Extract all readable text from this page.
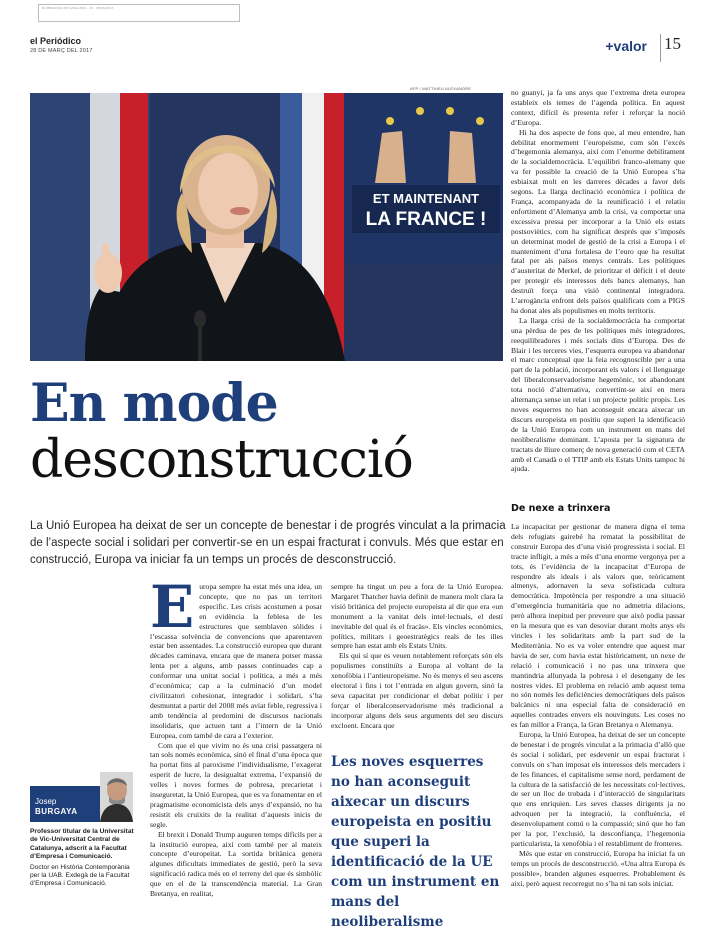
EL PERIÓDICO DE CATALUNYA · 15 · 28/03/2017
el Periódico
28 DE MARÇ DEL 2017	+valor 15
AFP / MATTHIEU ALEXANDRE
ET MAINTENANT
LA FRANCE !
En mode
desconstrucció
La Unió Europea ha deixat de ser un concepte de benestar i de progrés vinculat a la primacia de l’aspecte social i solidari per convertir-se en un espai fracturat i convuls. Més que estar en construcció, Europa va iniciar fa un temps un procés de desconstrucció.
E uropa sempre ha estat més una idea, un concepte, que no pas un territori específic. Les crisis acostumen a posar en evidència la feblesa de les estructures que semblaven sòlides i l’escassa solvència de convencions que aparentaven estar ben assentades. La construcció europea que durant dècades caminava, encara que de manera potser massa lenta per a alguns, amb passes continuades cap a conformar una unitat social i política, a més a més d’econòmica; cap a la culminació d’un model civilitzatori cohesionat, integrador i solidari, s’ha desmuntat a partir del 2008 més aviat feble, regressiva i amb tendència al predomini de discursos nacionals insolidaris, que actuen tant a l’intern de la Unió Europea, com també de cara a l’exterior.

Com que el que vivim no és una crisi passatgera ni tan sols només econòmica, sinó el final d’una època que ha portat fins al paroxisme l’individualisme, l’exagerat esperit de lucre, la desigualtat extrema, l’expansió de velles i noves formes de pobresa, precarietat i inseguretat, la Unió Europea, que es va fonamentar en el pragmatisme economicista dels anys d’expansió, no ha resistit els cruixits de la realitat d’aquests inicis de segle.

El brexit i Donald Trump auguren temps difícils per a la institució europea, així com també per al mateix concepte d’europeitat. La sortida britànica genera algunes dificultats immediates de gestió, però la seva significació radica més en el terreny del que és simbòlic que en el de la transcendència material. La Gran Bretanya, en realitat,

sempre ha tingut un peu a fora de la Unió Europea. Margaret Thatcher havia definit de manera molt clara la visió britànica del projecte europeista al dir que era «un monument a la vanitat dels intel·lectuals, el destí inevitable del qual és el fracàs». Els vincles econòmics, polítics, militars i geoestratègics reals de les illes sempre han estat amb els Estats Units.

Els qui sí que es veuen notablement reforçats són els populismes constituïts a Europa al voltant de la xenofòbia i l’antieuropeisme. No és menys el seu ascens electoral i fins i tot l’entrada en algun govern, sinó la seva capacitat per condicionar el debat polític i per forçar el liberalconservadorisme més tradicional a incorporar alguns dels seus arguments del seu discurs excloent. Encara que

Les noves esquerres no han aconseguit aixecar un discurs europeista en positiu que superi la identificació de la UE com un instrument en mans del neoliberalisme

no guanyi, ja fa uns anys que l’extrema dreta europea estableix els temes de l’agenda política. En aquest context, difícil és presenta refer i reforçar la noció d’Europa.

Hi ha dos aspecte de fons que, al meu entendre, han debilitat enormement l’europeisme, com són l’excés d’hegemonia alemanya, així com l’enorme debilitament de la socialdemocràcia. L’equilibri franco-alemany que va fer possible la creació de la Unió Europea s’ha esbiaixat molt en les darreres dècades a favor dels segons. La llarga declinació econòmica i política de França, acompanyada de la reunificació i el relatiu enfortiment d’Alemanya amb la crisi, va comportar una excessiva pressa per incorporar a la Unió els estats postsoviètics, com ha significat després que s’imposés un determinat model de gestió de la crisi a Europa i el manteniment d’una fortalesa de l’euro que ha resultat fatal per als països menys centrals. Les polítiques d’austeritat de Merkel, de prioritzar el dèficit i el deute per protegir els interessos dels bancs alemanys, han destruït força una visió continental integradora. L’arrogància enfront dels països qualificats com a PIGS ha donat ales als populismes en molts territoris.

La llarga crisi de la socialdemocràcia ha comportat una pèrdua de pes de les polítiques més integradores, reequilibradores i més socials dins d’Europa. Des de Blair i les terceres vies, l’esquerra europea va abandonar el marc conceptual que la feia recognoscible per a una part de la població, incorporant els valors i el llenguatge del liberalconservadorisme hegemònic, tot abandonant tota noció d’alternativa, convertint-se així en mera alternança sense un relat i un projecte polític propis. Les noves esquerres no han aconseguit encara aixecar un discurs europeista en positiu que superi la identificació de la Unió Europea com un instrument en mans del neoliberalisme dominant. L’aposta per la signatura de tractats de lliure comerç de nova generació com el CETA amb el Canadà o el TTIP amb els Estats Units tampoc hi ajuda.

De nexe a trinxera

La incapacitat per gestionar de manera digna el tema dels refugiats gairebé ha rematat la possibilitat de construir Europa des d’una visió progressista i social. El tracte infligit, a més a més d’una enorme vergonya per a tots, és l’evidència de la incapacitat d’Europa de respondre als ideals i als valors que, teòricament almenys, adornaven la seva sofisticada cultura democràtica. Impotència per respondre a una situació d’emergència humanitària que no admetria dilacions, però alhora inepitud per preveure que això podia passar en la mesura que es van desoviar durant molts anys els vincles i les solidaritats amb la part sud de la Mediterrània. No es va voler entendre que aquest mar havia de ser, com havia estat històricament, un nexe de relació i comunicació i no pas una trinxera que mantindria allunyada la pobresa i el desengany de les nostres vides. El problema en relació amb aquest tema no són només les deficiències democràtiques dels països balcànics ni una especial falta de consideració en aquelles contrades envers els nouvinguts. Les coses no es fan millor a França, la Gran Bretanya o Alemanya.

Europa, la Unió Europea, ha deixat de ser un concepte de benestar i de progrés vinculat a la primacia d’allò que és social i solidari, per esdevenir un espai fracturat i convuls on s’han imposat els interessos dels mercaders i de les finances, el capitalisme sense nord, perdament de la cultura de la satisfacció de les necessitats col·lectives, de ser un lloc de trobada i d’interacció de singularitats que ens enriquien. Les seves classes dirigents ja no advoquen per la integració, la confluència, el desenvolupament comú o la compassió; sinó que ho fan per la por, l’exclusió, la desconfiança, l’hegemonia particularista, la xenofòbia i el restabliment de fronteres.

Més que estar en construcció, Europa ha iniciat fa un temps un procés de desconstrucció. «Una altra Europa és possible», branden algunes esquerres. Probablement és així, però aquest recorregut no s’ha ni tan sols iniciat.

Josep
BURGAYA
Professor titular de la Universitat de Vic-Universitat Central de Catalunya, adscrit a la Facultat d’Empresa i Comunicació.
Doctor en Història Contemporània per la UAB. Exdegà de la Facultat d’Empresa i Comunicació.
